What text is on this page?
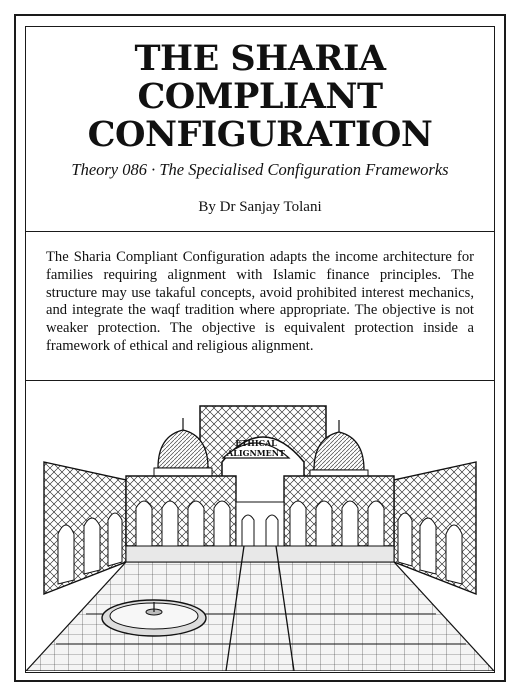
THE SHARIA
COMPLIANT
CONFIGURATION
Theory 086 · The Specialised Configuration Frameworks
By Dr Sanjay Tolani

The Sharia Compliant Configuration adapts the income architecture for families requiring alignment with Islamic finance principles. The structure may use takaful concepts, avoid prohibited interest mechanics, and integrate the waqf tradition where appropriate. The objective is not weaker protection. The objective is equivalent protection inside a framework of ethical and religious alignment.

ETHICAL
ALIGNMENT
